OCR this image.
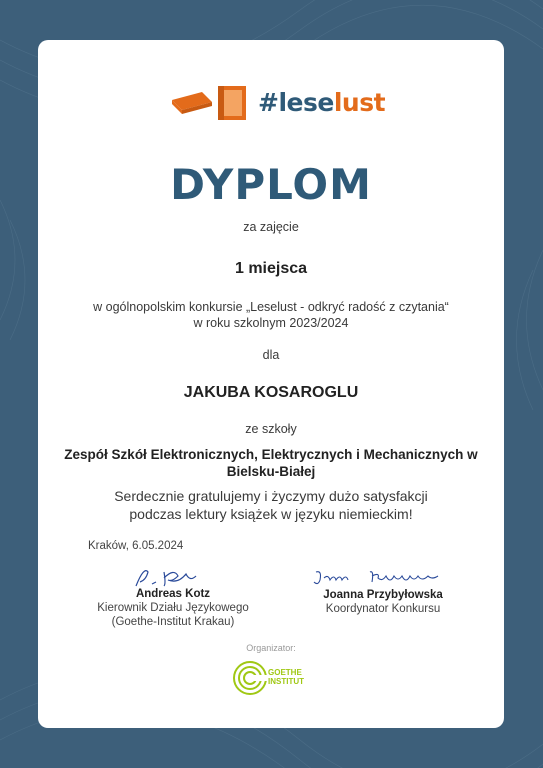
#leselust
DYPLOM
za zajęcie
1 miejsca
w ogólnopolskim konkursie „Leselust - odkryć radość z czytania“
w roku szkolnym 2023/2024
dla
JAKUBA KOSAROGLU
ze szkoły
Zespół Szkół Elektronicznych, Elektrycznych i Mechanicznych w
Bielsku-Białej
Serdecznie gratulujemy i życzymy dużo satysfakcji
podczas lektury książek w języku niemieckim!
Kraków, 6.05.2024
Andreas Kotz
Kierownik Działu Językowego
(Goethe-Institut Krakau)
Joanna Przybyłowska
Koordynator Konkursu
Organizator:
GOETHE
INSTITUT
